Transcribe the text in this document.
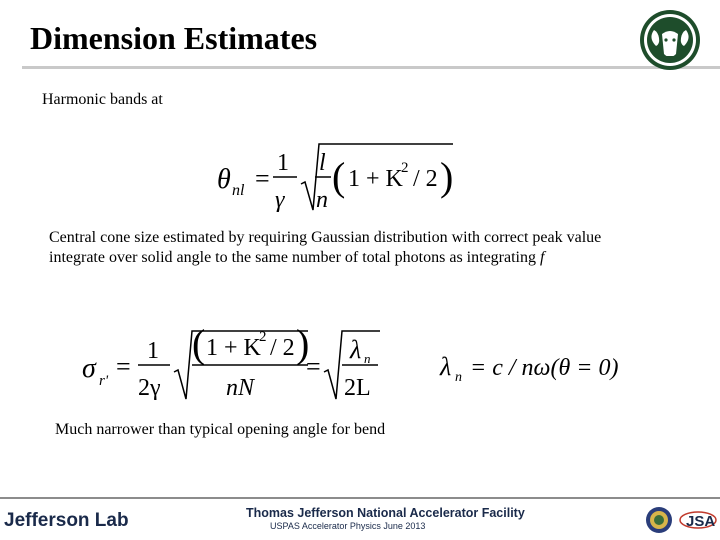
Dimension Estimates
Harmonic bands at
θ nl =
1
γ
l
n
( 1 + K
2 / 2 )
Central cone size estimated by requiring Gaussian distribution with correct peak value
integrate over solid angle to the same number of total photons as integrating f
σ r' =
1
2γ
( 1 + K
2 / 2 )
nN
=
λ n
2L
λ n = c / nω(θ = 0)
Much narrower than typical opening angle for bend
Jefferson Lab	Thomas Jefferson National Accelerator Facility
USPAS Accelerator Physics June 2013	JSA
